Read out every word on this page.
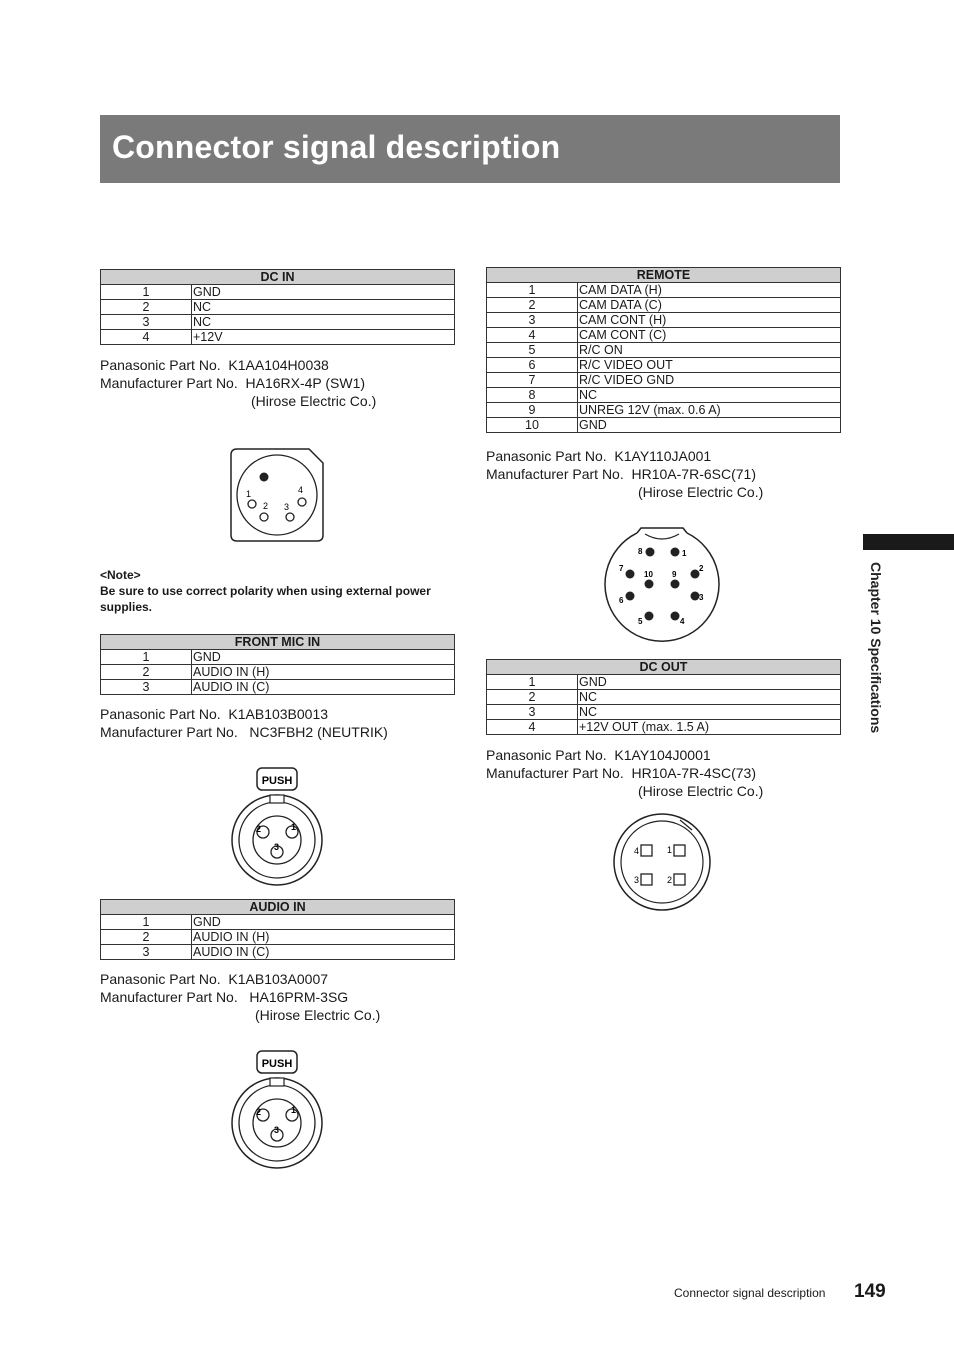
Connector signal description
DC IN	
1	GND
2	NC
3	NC
4	+12V
Panasonic Part No.  K1AA104H0038
Manufacturer Part No.  HA16RX-4P (SW1)
(Hirose Electric Co.)
1
2 3
4
<Note>
Be sure to use correct polarity when using external power supplies.
FRONT MIC IN	
1	GND
2	AUDIO IN (H)
3	AUDIO IN (C)
Panasonic Part No.  K1AB103B0013
Manufacturer Part No.   NC3FBH2 (NEUTRIK)
PUSH
2	1
3
AUDIO IN	
1	GND
2	AUDIO IN (H)
3	AUDIO IN (C)
Panasonic Part No.  K1AB103A0007
Manufacturer Part No.   HA16PRM-3SG
(Hirose Electric Co.)
PUSH
2	1
3
REMOTE	
1	CAM DATA (H)
2	CAM DATA (C)
3	CAM CONT (H)
4	CAM CONT (C)
5	R/C ON
6	R/C VIDEO OUT
7	R/C VIDEO GND
8	NC
9	UNREG 12V (max. 0.6 A)
10	GND
Panasonic Part No.  K1AY110JA001
Manufacturer Part No.  HR10A-7R-6SC(71)
(Hirose Electric Co.)
8	1
7
10 9
2
6	3
5	4
DC OUT	
1	GND
2	NC
3	NC
4	+12V OUT (max. 1.5 A)
Panasonic Part No.  K1AY104J0001
Manufacturer Part No.  HR10A-7R-4SC(73)
(Hirose Electric Co.)
4	1
3	2
Chapter 10 Specifications
Connector signal description 149
